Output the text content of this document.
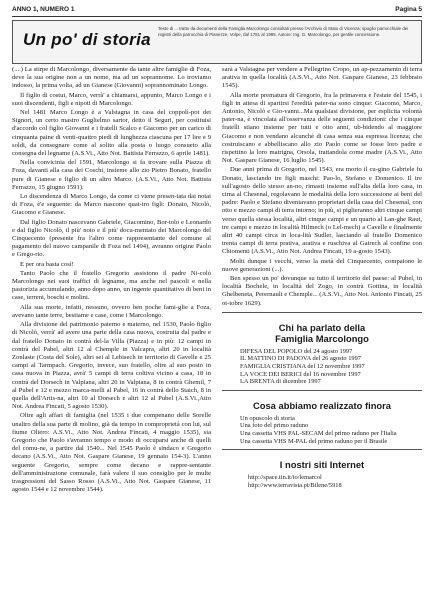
ANNO 1, NUMERO 1	Pagina 5
Un po' di storia
Testo di ... tratto da documenti della Famiglia Marcolongo consultati presso l'Archivio di Stato di Vicenza; spoglio parrocchiale dei registri della parrocchia di Pianezze, Volpe, dal 1781 al 1995. Autore: Ing. G. Marcolongo, per gentile concessione.

(....) La stirpe di Marcolongo, diversamente da tante altre famiglie di Foza, deve la sua origine non a un nome, ma ad un soprannome. Lo troviamo indosso, la prima volta, ad un Gianese (Giovanni) soprannominato Longo.

Il figlio di costui, Marco, verrà' a chiamarsi, appunto, Marco Longo e i suoi discendenti, figli e nipoti di Marcolongo.

Nel 1481 Marco Longo è a Valstagna in casa del coppolì-pot dei Signori, un certo mastro Guglielmo sartor, detto il Seguri, per costituisi d'accordo col figlio Giovanni e i fratelli Scalco e Giacomo per un carico di cinquanta paine di venti-quattro piedi di lunghezza ciascuna per 17 lire e 9 soldi, da consegnare come al solito alla posta o luogo consueto alla consegna del legname (A.S.Vi., Atto Not. Battista Ferrazzo, 6 aprile 1481).

Nella convicinia del 1591, Marcolongo si fa trovare sulla Piazza di Foza, davanti alla casa dei Coschi, insieme allo zio Pietro Bonato, fratello pure di Gianese e figlio di un altro Marco. (A.S.Vi., Atto Not. Battista Ferrazzo, 15 giugno 1591).

Lo discendenza di Marco Longo, da come ci viene presen-tata dai notai di Foza, è'e seguente: da Marco nascono quat-tro figli: Donato, Nicolò, Giacomo e Gianese.

Dal figlio Donato nascevano Gabriele, Giacomino, Bor-tolo e Leonardo e dal figlio Nicolò, il più' noto e il più' docu-mentato dei Marcolongo del Cinquecento (presente fra l'altro come rappresentante del comune al pagamento del nuovo campanile di Foza nel 1494), avranno origine Paolo e Grego-rio.

E per ora basta così!

Tanto Paolo che il fratello Gregorio assistono il padre Ni-colò Marcolongo nei suoi traffici di legname, ma anche nel pascoli e nella pastorizia accumulando, anno dopo anno, un ingente quantitativo di beni in case, terreni, boschi e molini.

Alla sua morte, infatti, nessuno, ovvero ben poche fami-glie a Foza, avevano tante terre, bestiame e case, come i Marcolongo.

Alla divisione del patrimonio paterno e materno, nel 1530, Paolo figlio di Nicolò, verrà' ad avere una parte della casa nuova, costruita dal padre e dal fratello Donato in contrà del-la Villa (Piazza) e in più: 12 campi in contrà del Pabel, altri 12 al Chemple in Valcapra, altri 20 in località Zonlaste (Costa del Sole), altri sei al Lebisech in territorio di Gavelle e 25 campi al Tarmpach. Gregorio, invece, suo fratello, oltre al suo posto in casa nuova in Piazza, avrà' 5 campi di terra coltiva vicino a casa, 18 in contrà del Dorsech in Valpiana, altri 20 in Valpiana, 8 in contrà Ghemil, 7 al Pubel e 12 e mezzo marca-melli al Pabel, 16 in contrà dello Staich, 8 in quella dell'Artis-na, altri 10 al Dorsech e altri 12 al Pubel (A.S.Vi.,Atto Not. Andrea Fincati, 5 agosto 1530).

Oltre agli affari di famiglia (nel 1535 i due compenano delle Sorelle unaltro della sua parte di molino, già da tempo in comproprietà con lui, sul fiume Oliero: A.S.Vi., Atto Not. Andrea Fincati, 4 maggio 1535), sia Gregorio che Paolo s'avranno tempo e modo di occuparsi anche di quelli del comu-ne, a partire dal 1540... Nel 1545 Paolo è sindaco e Gregorio decano (A.S.Vi., Atto Not. Gaspare Gianese, 19 gennaio 154-3). L'anno seguente Gregorio, sempre come decano e rappre-sentante dell'amministrazione comunale, farà valere il suo consiglio per le multe trasgressioni del Sasso Rosso (A.S.Vi., Atto Not. Gaspare Gianese, 11 agosto 1544 e 12 novembre 1544).

sarà a Valstagna per vendere a Pellegrino Cropo, un ap-pezzamento di terra arativa in quella località (A.S.Vi., Atto Not. Gaspare Gianese, 23 febbraio 1545).

Alla morte prematura di Gregorio, fra la primavera e l'estate del 1545, i figli in attesa di spartirsi l'eredità pater-na sono cinque: Giacomo, Marco, Antonio, Nicolò e Gio-vanni...Ma qualsiasi divisione, per esplicita volontà pater-na, è vincolata all'osservanza delle seguenti condizioni: che i cinque fratelli stiano insieme per tutti e otto anni, ub-bidendo al maggiore Giacomo e non vendano alcunché di casa senza sua espressa licenza; che costruiscano e abbelliscano allo zio Paolo come se fosse loro padre e rispettino la loro matrigna, Orsola, trattandola come madre (A.S.Vi., Atto Not. Gaspare Gianese, 16 luglio 1545).

Due anni prima di Gregorio, nel 1543, era morto il cu-gino Gabriele fu Donato, lasciando tre figli maschi: Pao-lo, Stefano e Domenico. Il tre sull'agosto dello stesso an-no, rimasti insieme sull'alta della loro casa, in cima al Chesenal, regolavano le modalità della loro successione ai beni del padre: Paolo e Stefano diventavano proprietari della casa del Chesenal, con otto e mezzo campi di terra intorno; in più, si piglieranno altri cinque campi verso quella stessa località, altri cinque campi e un quarto al Lan-ghe Raut, tre campi e mezzo in località Hilmech (o Lel-mech) a Cavelle e finalmente altri 40 campi circa in loca-lità Sudler, lasciando al fratello Domenico trenta campi di terra prativa, arativa e ruschiva al Gairech al confine con Chiomenti (A.S.Vi., Atto Not. Andrea Fincati, 19 a-gosto 1543).

Molti dunque i vecchi, verso la metà del Cinquecento, compaiono le nuove generazioni (...).

Ben spesso un po' dovunque su tutto il territorio del paese: al Pubel, in località Bochele, in località del Zogo, in contrà Gottina, in località Ghelbeneta, Perernault e Chemple... (A.S.Vi., Atto Not. Antonio Fincati, 25 ot-tobre 1629).

Chi ha parlato della
Famiglia Marcolongo
DIFESA DEL POPOLO del 24 agosto 1997
IL MATTINO DI PADOVA del 26 agosto 1997
FAMIGLIA CRISTIANA del 12 novembre 1997
LA VOCE DEI BERICI del 16 novembre 1997
LA BRENTA di dicembre 1997
Cosa abbiamo realizzato finora
Un opuscolo di storia
Una foto del primo raduno
Una cassetta VHS PAL-SECAM del primo raduno per l'Italia
Una cassetta VHS M-PAL del primo raduno per il Brasile
I nostri siti Internet
http://space.tin.it/io/lemarcol
http://www.terravista.pt/Bilene/5918
